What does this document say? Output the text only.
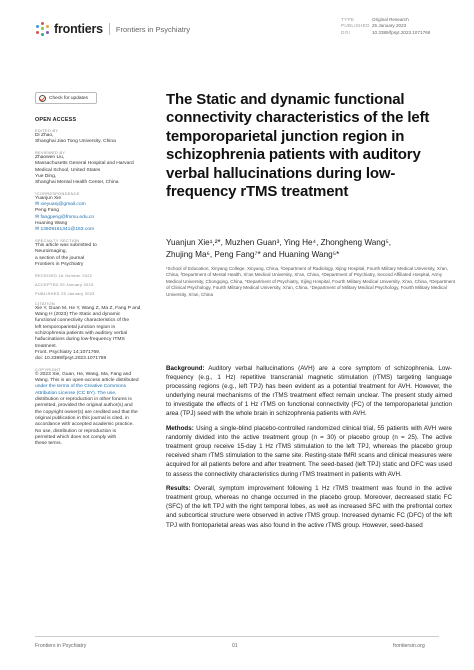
frontiers Frontiers in Psychiatry
TYPE	Original Research
PUBLISHED 25 January 2023
DOI	10.3389/fpsyt.2023.1071769
Check for updates
OPEN ACCESS
EDITED BY
Di Zhao,
Shanghai Jiao Tong University, China
REVIEWED BY
Zhaowen Liu,
Massachusetts General Hospital and Harvard
Medical School, United States
Yue Ding,
Shanghai Mental Health Center, China
*CORRESPONDENCE
Yuanjun Xie
✉ xieyuanj@gmail.com
Peng Fang
✉ fangpeng@fmmu.edu.cn
Huaning Wang
✉ 13609161341@163.com
SPECIALTY SECTION
This article was submitted to
Neuroimaging,
a section of the journal
Frontiers in Psychiatry
RECEIVED 16 October 2022
ACCEPTED 09 January 2023
PUBLISHED 25 January 2023
CITATION
Xie Y, Guan M, He Y, Wang Z, Ma Z, Fang P and
Wang H (2023) The Static and dynamic
functional connectivity characteristics of the
left temporoparietal junction region in
schizophrenia patients with auditory verbal
hallucinations during low-frequency rTMS
treatment.
Front. Psychiatry 14:1071769.
doi: 10.3389/fpsyt.2023.1071769
COPYRIGHT
© 2023 Xie, Guan, He, Wang, Ma, Fang and
Wang. This is an open-access article distributed
under the terms of the Creative Commons
Attribution License (CC BY). The use,
distribution or reproduction in other forums is
permitted, provided the original author(s) and
the copyright owner(s) are credited and that the
original publication in this journal is cited, in
accordance with accepted academic practice.
No use, distribution or reproduction is
permitted which does not comply with
these terms.
The Static and dynamic functional connectivity characteristics of the left temporoparietal junction region in schizophrenia patients with auditory verbal hallucinations during low-frequency rTMS treatment
Yuanjun Xie¹,²*, Muzhen Guan³, Ying He⁴, Zhongheng Wang⁵,
Zhujing Ma⁶, Peng Fang⁷* and Huaning Wang⁵*
¹School of Education, Xinyang College, Xinyang, China, ²Department of Radiology, Xijing Hospital, Fourth Military Medical University, Xi'an, China, ³Department of Mental Health, Xi'an Medical University, Xi'an, China, ⁴Department of Psychiatry, Second Affiliated Hospital, Army Medical University, Chongqing, China, ⁵Department of Psychiatry, Xijing Hospital, Fourth Military Medical University, Xi'an, China, ⁶Department of Clinical Psychology, Fourth Military Medical University, Xi'an, China, ⁷Department of Military Medical Psychology, Fourth Military Medical University, Xi'an, China

Background: Auditory verbal hallucinations (AVH) are a core symptom of schizophrenia. Low-frequency (e.g., 1 Hz) repetitive transcranial magnetic stimulation (rTMS) targeting language processing regions (e.g., left TPJ) has been evident as a potential treatment for AVH. However, the underlying neural mechanisms of the rTMS treatment effect remain unclear. The present study aimed to investigate the effects of 1 Hz rTMS on functional connectivity (FC) of the temporoparietal junction area (TPJ) seed with the whole brain in schizophrenia patients with AVH.

Methods: Using a single-blind placebo-controlled randomized clinical trial, 55 patients with AVH were randomly divided into the active treatment group (n = 30) or placebo group (n = 25). The active treatment group receive 15-day 1 Hz rTMS stimulation to the left TPJ, whereas the placebo group received sham rTMS stimulation to the same site. Resting-state fMRI scans and clinical measures were acquired for all patients before and after treatment. The seed-based (left TPJ) static and DFC was used to assess the connectivity characteristics during rTMS treatment in patients with AVH.

Results: Overall, symptom improvement following 1 Hz rTMS treatment was found in the active treatment group, whereas no change occurred in the placebo group. Moreover, decreased static FC (SFC) of the left TPJ with the right temporal lobes, as well as increased SFC with the prefrontal cortex and subcortical structure were observed in active rTMS group. Increased dynamic FC (DFC) of the left TPJ with frontoparietal areas was also found in the active rTMS group. However, seed-based

Frontiers in Psychiatry	01	frontiersin.org
